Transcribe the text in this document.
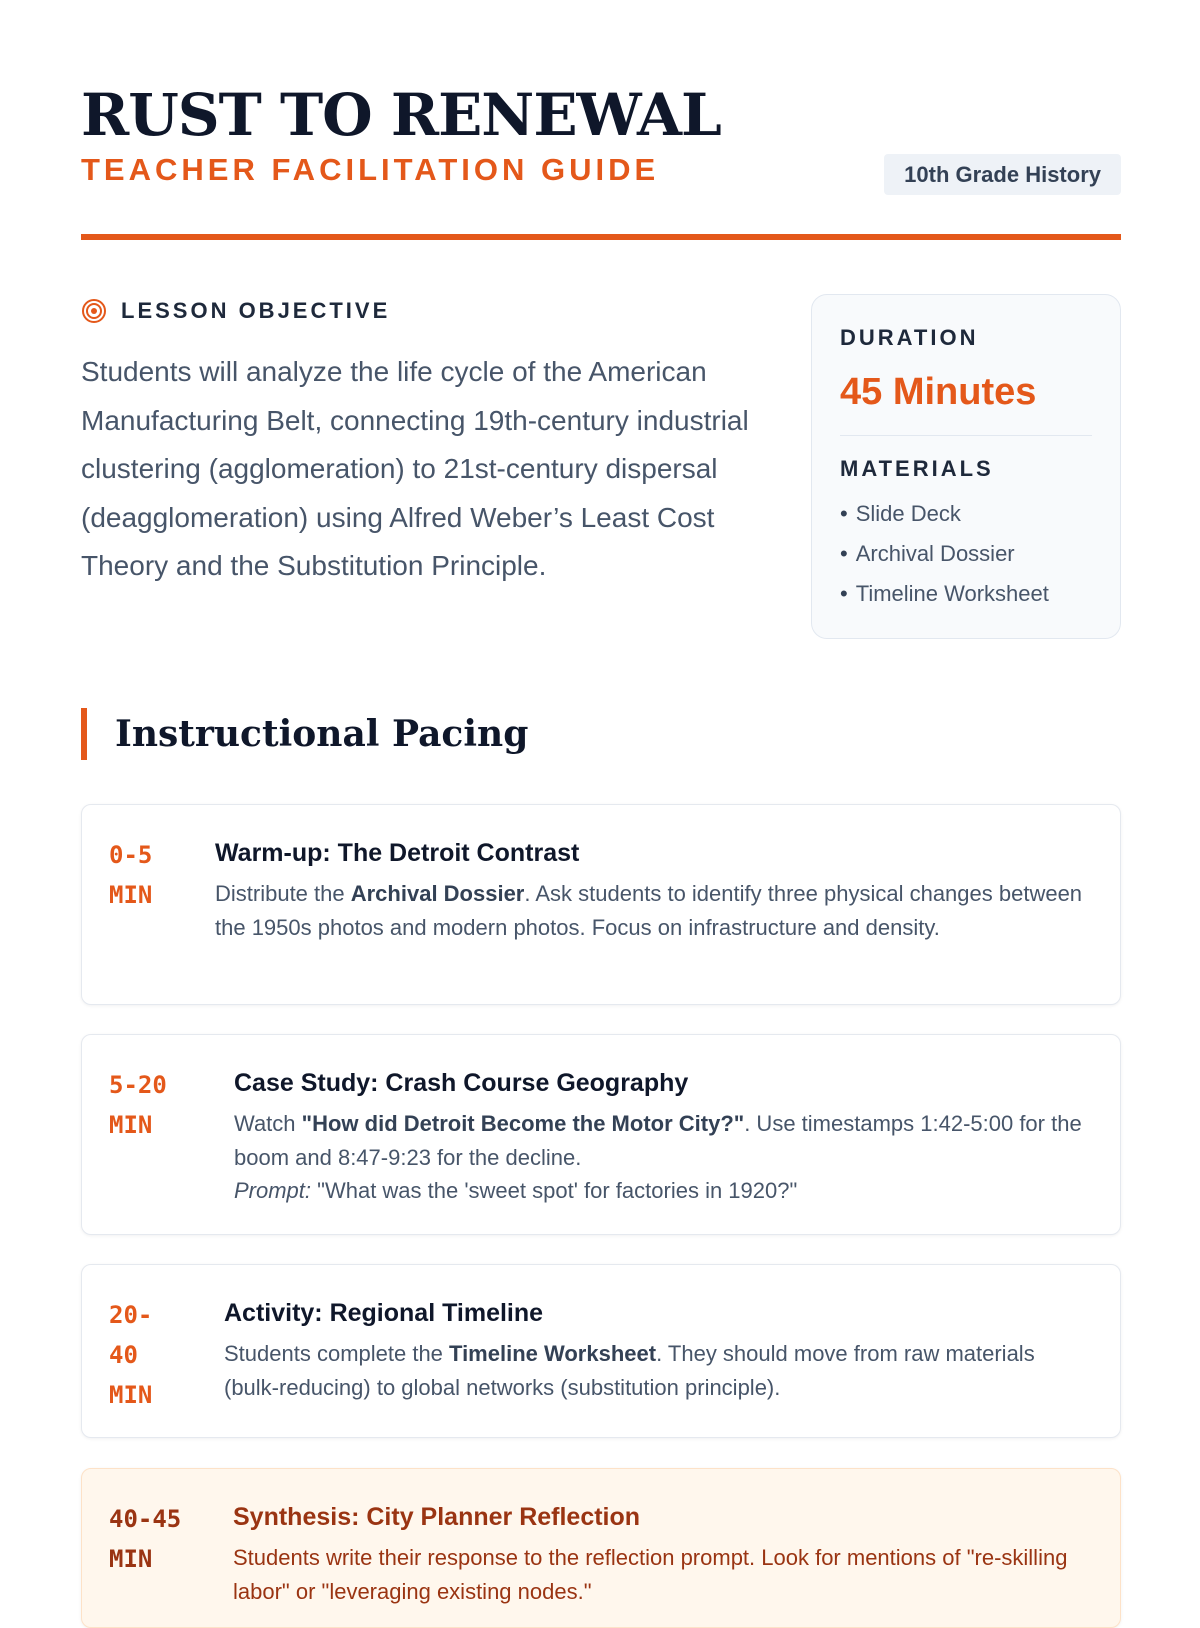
RUST TO RENEWAL
TEACHER FACILITATION GUIDE	10th Grade History
LESSON OBJECTIVE
Students will analyze the life cycle of the American Manufacturing Belt, connecting 19th-century industrial clustering (agglomeration) to 21st-century dispersal (deagglomeration) using Alfred Weber’s Least Cost Theory and the Substitution Principle.
DURATION
45 Minutes
MATERIALS
• Slide Deck
• Archival Dossier
• Timeline Worksheet
Instructional Pacing
0-5 MIN
Warm-up: The Detroit Contrast
Distribute the Archival Dossier. Ask students to identify three physical changes between the 1950s photos and modern photos. Focus on infrastructure and density.
5-20 MIN
Case Study: Crash Course Geography
Watch "How did Detroit Become the Motor City?". Use timestamps 1:42-5:00 for the boom and 8:47-9:23 for the decline.
Prompt: "What was the 'sweet spot' for factories in 1920?"
20-40 MIN
Activity: Regional Timeline
Students complete the Timeline Worksheet. They should move from raw materials (bulk-reducing) to global networks (substitution principle).
40-45 MIN
Synthesis: City Planner Reflection
Students write their response to the reflection prompt. Look for mentions of "re-skilling labor" or "leveraging existing nodes."
